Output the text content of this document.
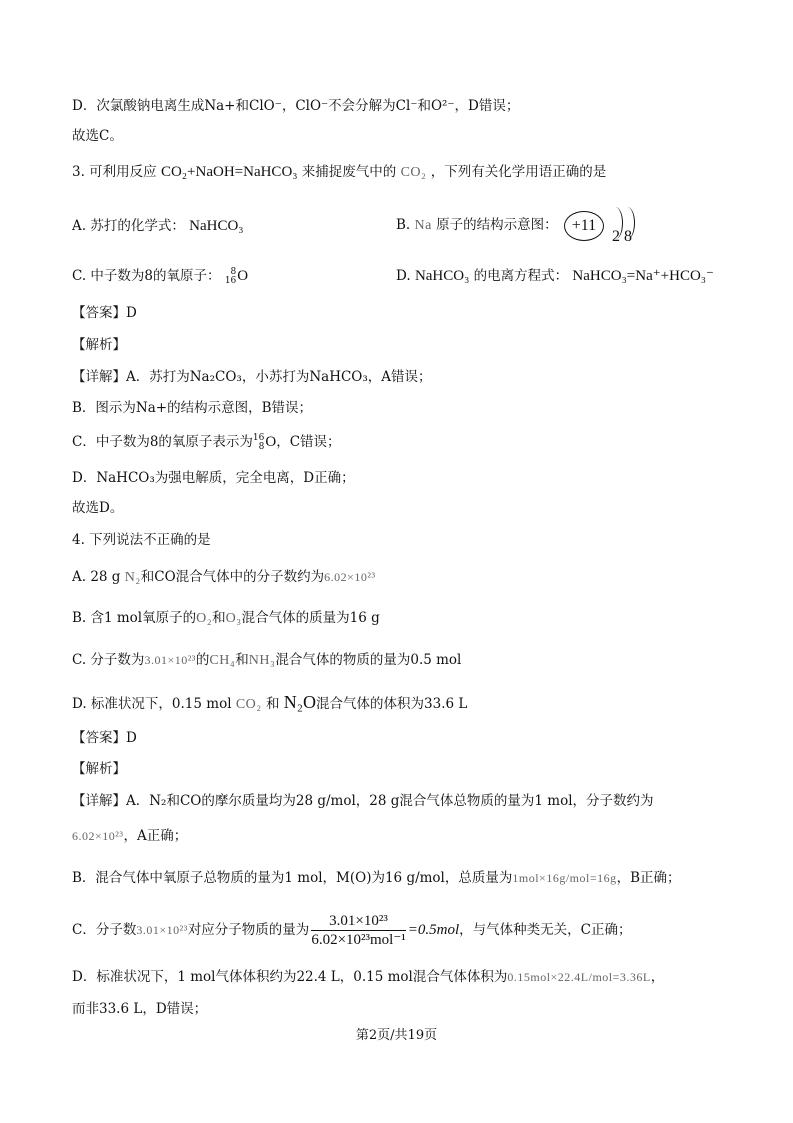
D．次氯酸钠电离生成Na+和ClO⁻，ClO⁻不会分解为Cl⁻和O²⁻，D错误；
故选C。
3. 可利用反应 CO₂+NaOH=NaHCO₃ 来捕捉废气中的 CO₂ ，下列有关化学用语正确的是
A. 苏打的化学式： NaHCO₃	B. Na 原子的结构示意图： +11
2 8
C. 中子数为8的氧原子： 8
16O	D. NaHCO₃ 的电离方程式： NaHCO₃=Na⁺+HCO₃⁻
【答案】D
【解析】
【详解】A．苏打为Na₂CO₃，小苏打为NaHCO₃，A错误；
B．图示为Na+的结构示意图，B错误；
C．中子数为8的氧原子表示为16
8O，C错误；
D．NaHCO₃为强电解质，完全电离，D正确；
故选D。
4. 下列说法不正确的是
A. 28 g N₂和CO混合气体中的分子数约为6.02×10²³
B. 含1 mol氧原子的O₂和O₃混合气体的质量为16 g
C. 分子数为3.01×10²³的CH₄和NH₃混合气体的物质的量为0.5 mol
D. 标准状况下，0.15 mol CO₂ 和 N₂O混合气体的体积为33.6 L
【答案】D
【解析】
【详解】A．N₂和CO的摩尔质量均为28 g/mol，28 g混合气体总物质的量为1 mol，分子数约为
6.02×10²³，A正确；
B．混合气体中氧原子总物质的量为1 mol，M(O)为16 g/mol，总质量为1mol×16g/mol=16g，B正确；
C．分子数3.01×10²³对应分子物质的量为 $\frac{\text{3.01×10²³}}{\text{6.02×10²³mol⁻¹}} =0.5mol$，与气体种类无关，C正确；
D．标准状况下，1 mol气体体积约为22.4 L，0.15 mol混合气体体积为0.15mol×22.4L/mol=3.36L，
而非33.6 L，D错误；
第2页/共19页
